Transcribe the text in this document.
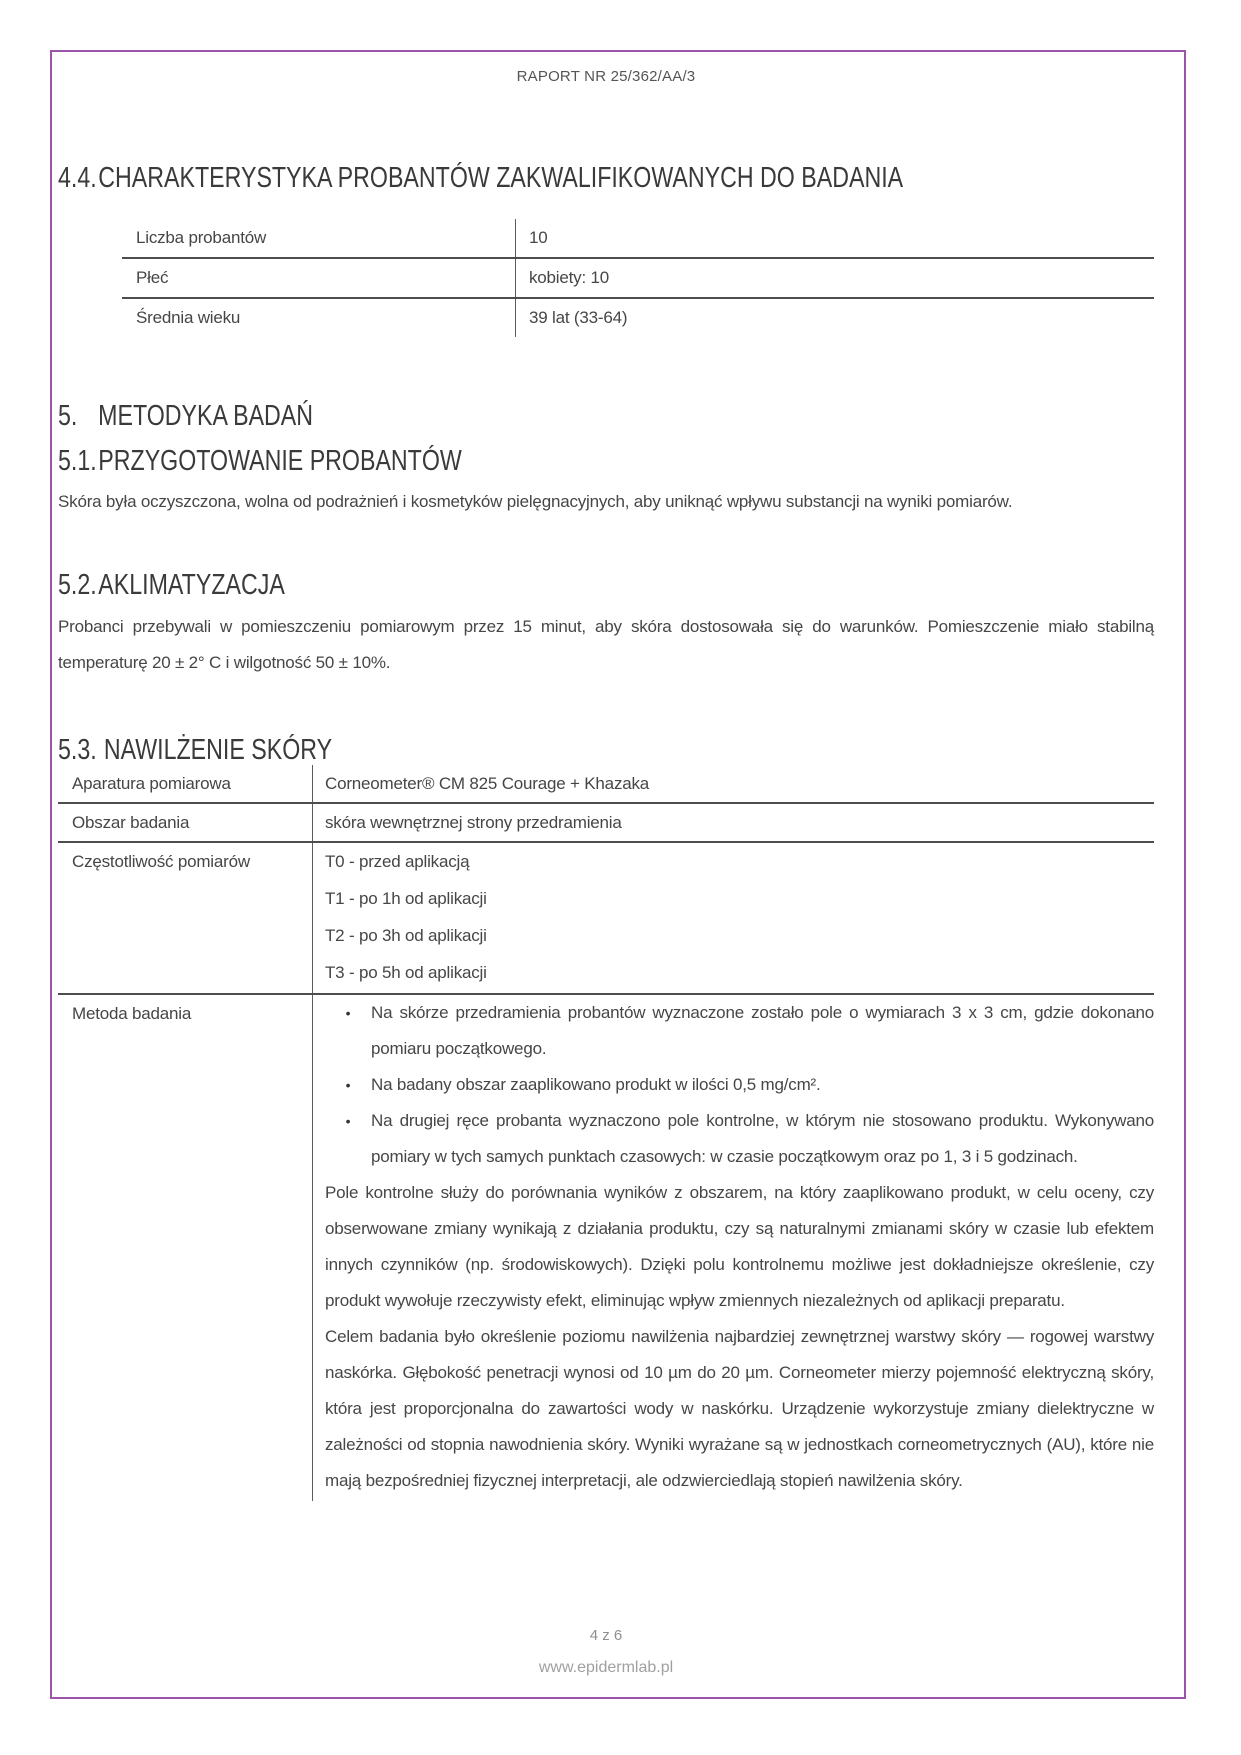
RAPORT NR 25/362/AA/3
4.4.CHARAKTERYSTYKA PROBANTÓW ZAKWALIFIKOWANYCH DO BADANIA
Liczba probantów	10
Płeć	kobiety: 10
Średnia wieku	39 lat (33-64)
5. METODYKA BADAŃ
5.1.PRZYGOTOWANIE PROBANTÓW

Skóra była oczyszczona, wolna od podrażnień i kosmetyków pielęgnacyjnych, aby uniknąć wpływu substancji na wyniki pomiarów.

5.2.AKLIMATYZACJA

Probanci przebywali w pomieszczeniu pomiarowym przez 15 minut, aby skóra dostosowała się do warunków. Pomieszczenie miało stabilną temperaturę 20 ± 2° C i wilgotność 50 ± 10%.

5.3. NAWILŻENIE SKÓRY
Aparatura pomiarowa	Corneometer® CM 825 Courage + Khazaka
Obszar badania	skóra wewnętrznej strony przedramienia
Częstotliwość pomiarów	T0 - przed aplikacją
T1 - po 1h od aplikacji
T2 - po 3h od aplikacji
T3 - po 5h od aplikacji
Metoda badania	•	Na skórze przedramienia probantów wyznaczone zostało pole o wymiarach 3 x 3 cm, gdzie dokonano pomiaru początkowego.
•	Na badany obszar zaaplikowano produkt w ilości 0,5 mg/cm².
•	Na drugiej ręce probanta wyznaczono pole kontrolne, w którym nie stosowano produktu. Wykonywano pomiary w tych samych punktach czasowych: w czasie początkowym oraz po 1, 3 i 5 godzinach.

Pole kontrolne służy do porównania wyników z obszarem, na który zaaplikowano produkt, w celu oceny, czy obserwowane zmiany wynikają z działania produktu, czy są naturalnymi zmianami skóry w czasie lub efektem innych czynników (np. środowiskowych). Dzięki polu kontrolnemu możliwe jest dokładniejsze określenie, czy produkt wywołuje rzeczywisty efekt, eliminując wpływ zmiennych niezależnych od aplikacji preparatu.

Celem badania było określenie poziomu nawilżenia najbardziej zewnętrznej warstwy skóry — rogowej warstwy naskórka. Głębokość penetracji wynosi od 10 µm do 20 µm. Corneometer mierzy pojemność elektryczną skóry, która jest proporcjonalna do zawartości wody w naskórku. Urządzenie wykorzystuje zmiany dielektryczne w zależności od stopnia nawodnienia skóry. Wyniki wyrażane są w jednostkach corneometrycznych (AU), które nie mają bezpośredniej fizycznej interpretacji, ale odzwierciedlają stopień nawilżenia skóry.

4 z 6
www.epidermlab.pl
